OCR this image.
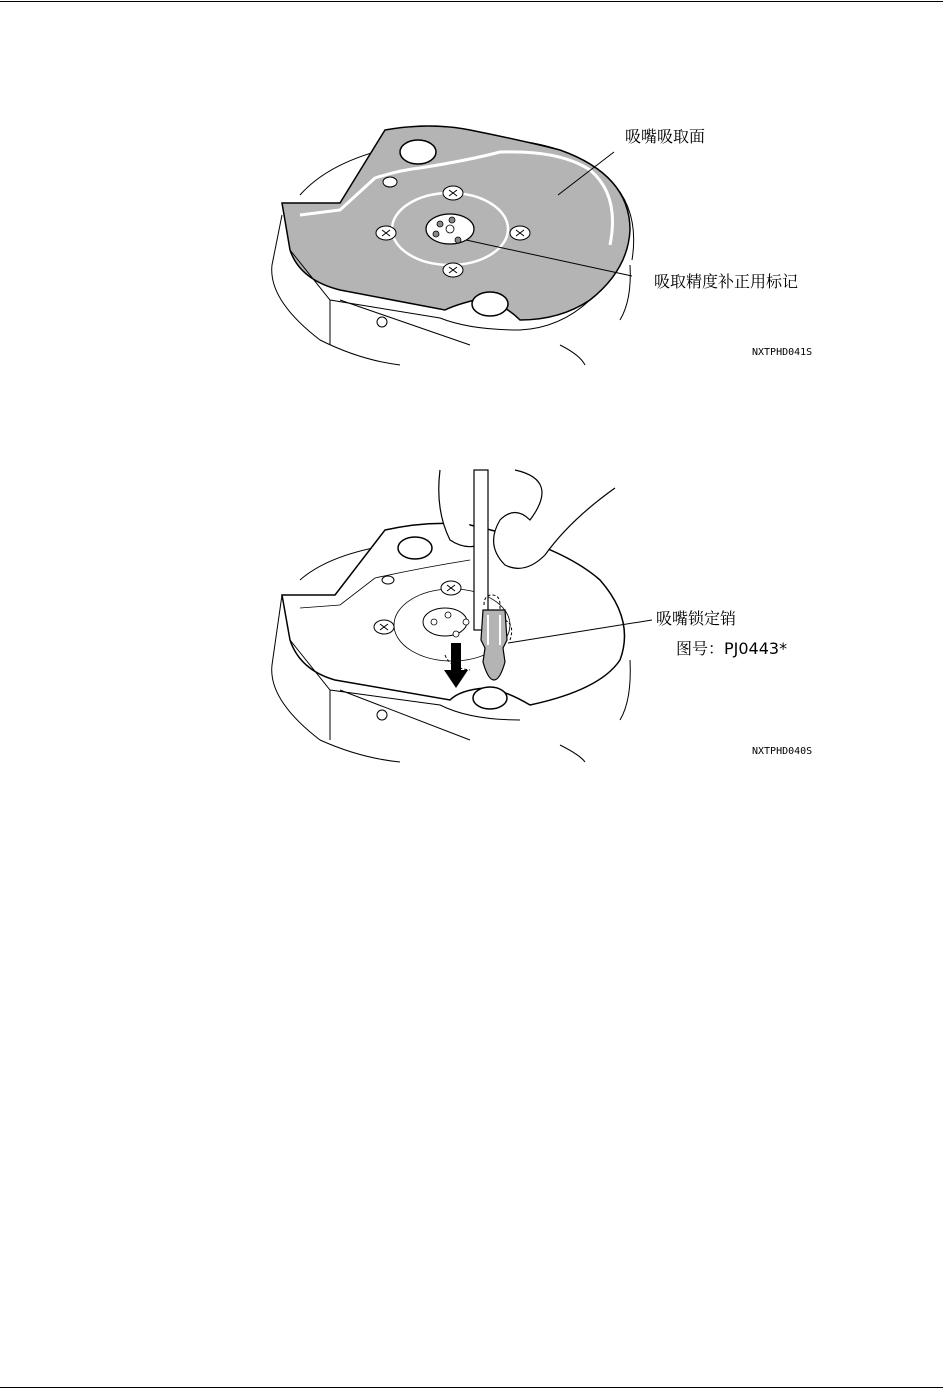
吸嘴吸取面
吸取精度补正用标记
NXTPHD041S
吸嘴锁定销
图号：PJ0443*
NXTPHD040S
